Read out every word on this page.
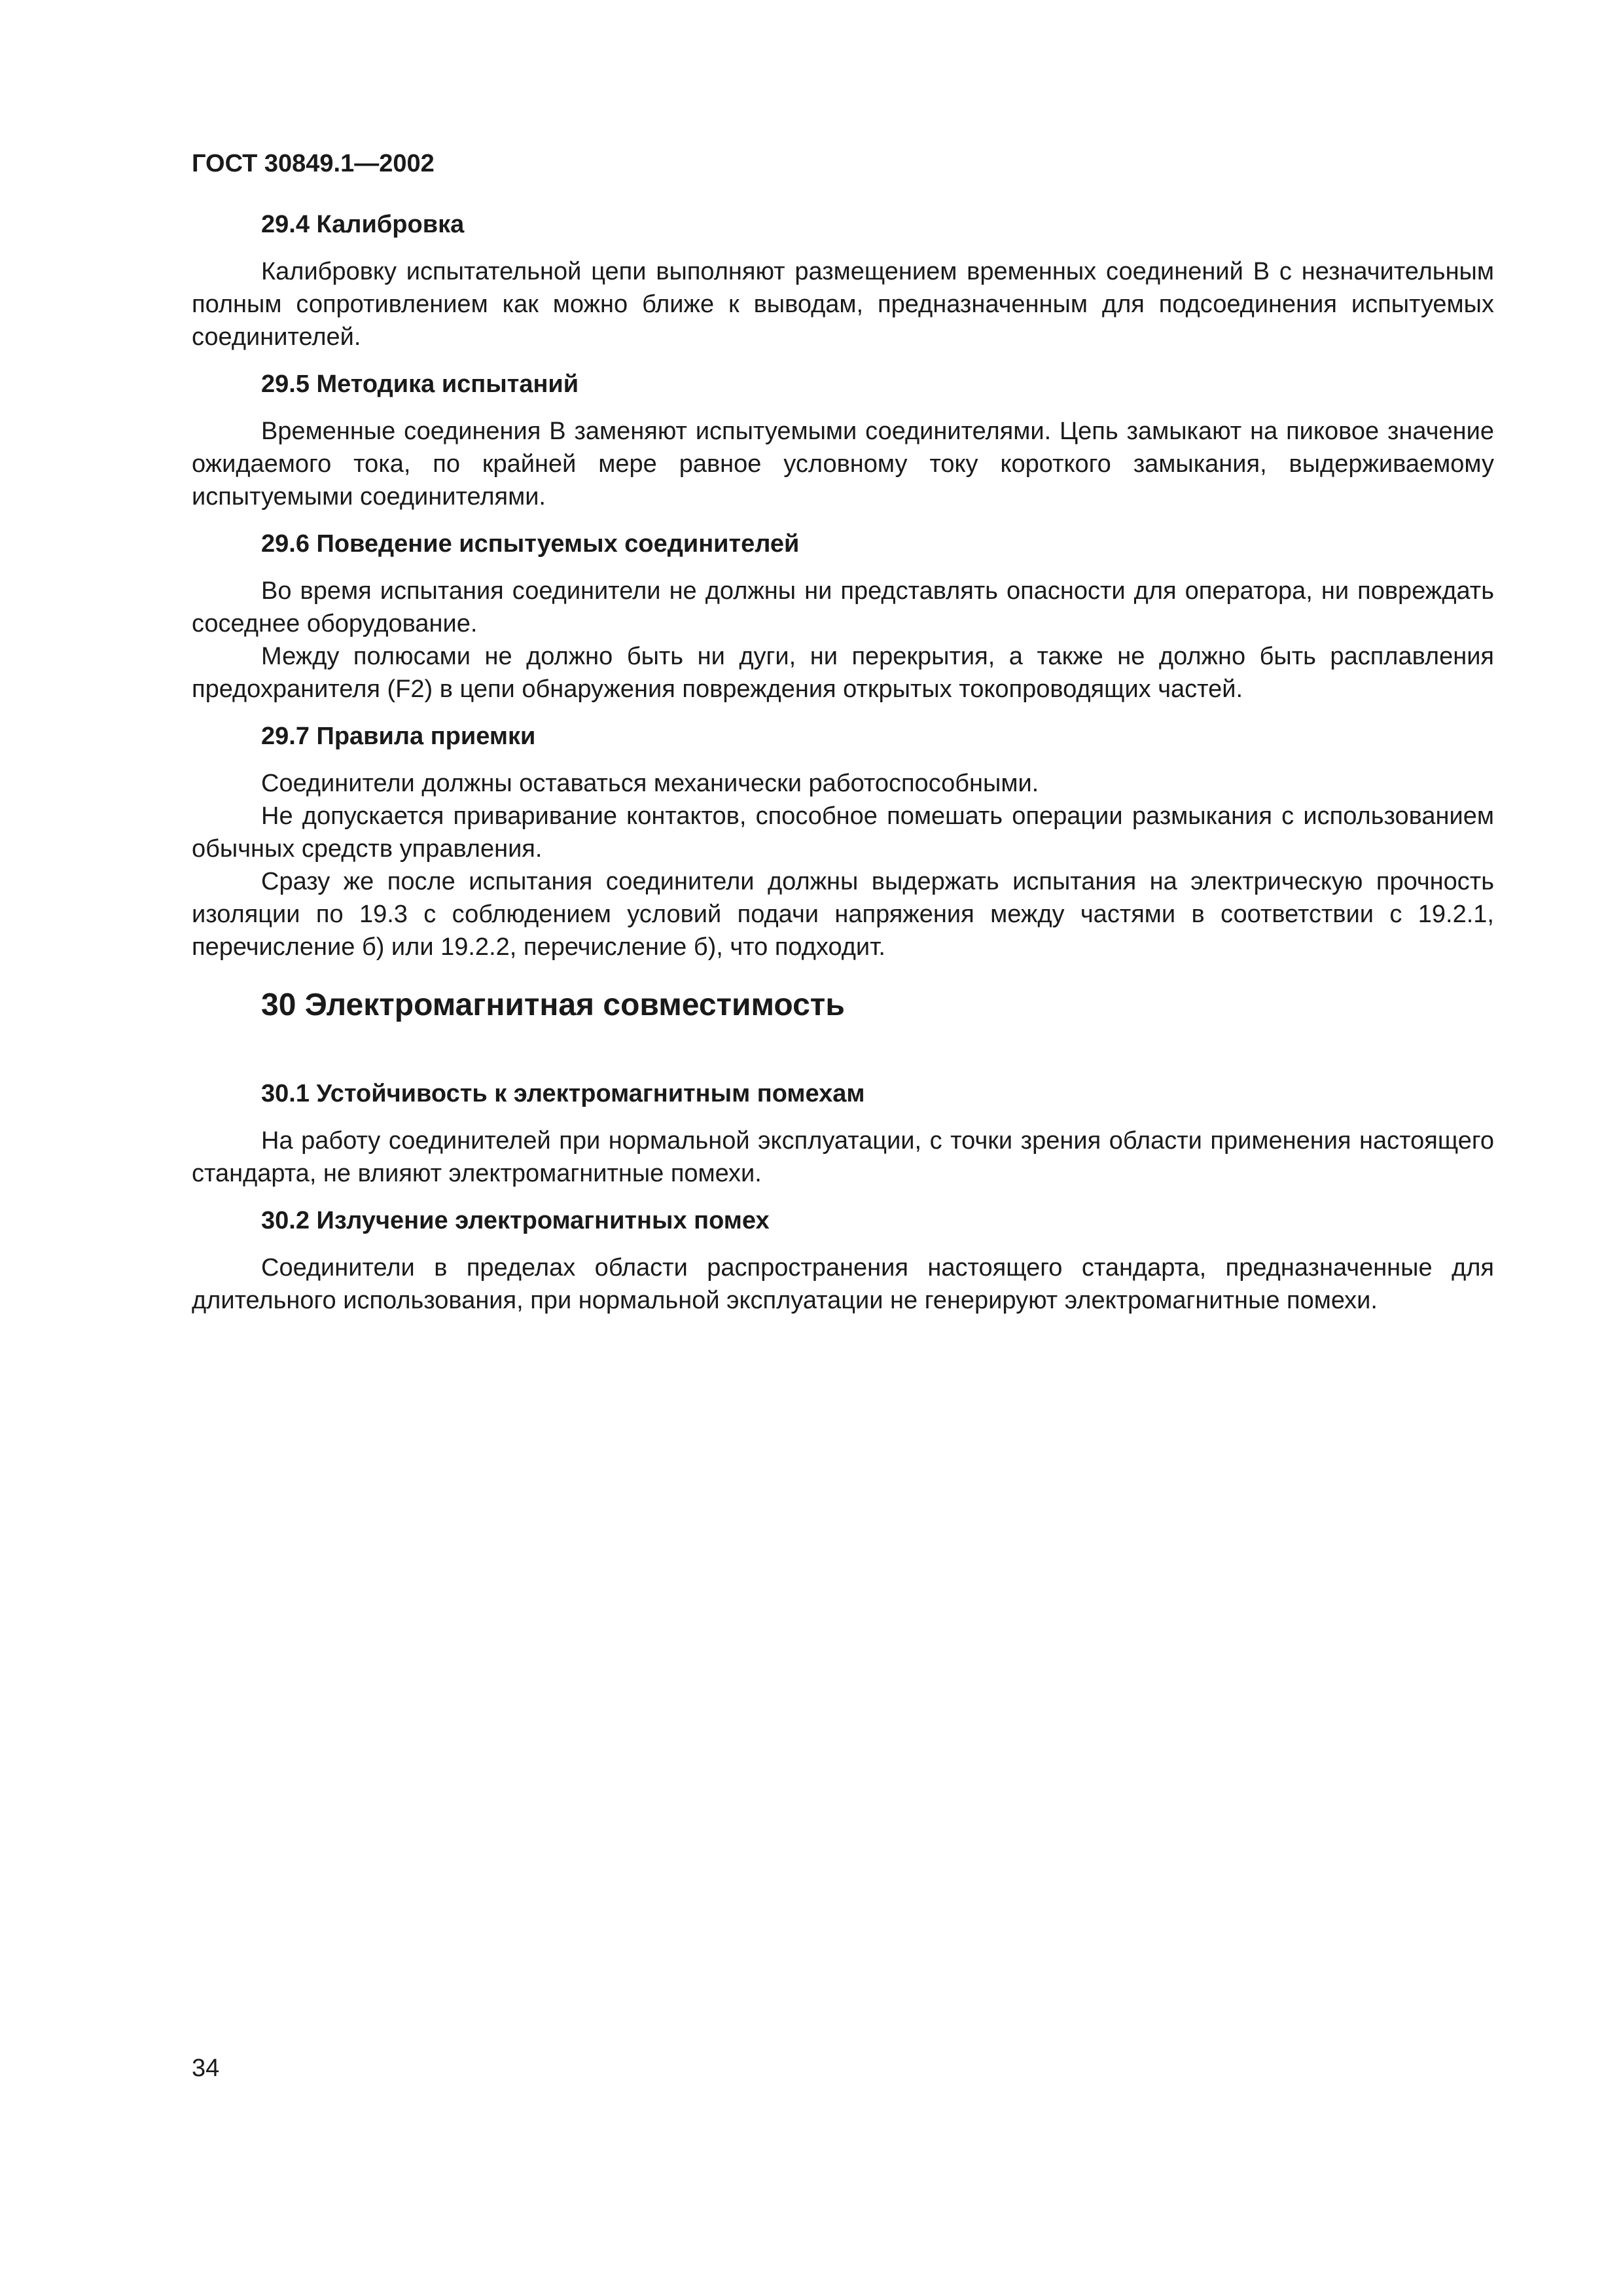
ГОСТ 30849.1—2002
29.4 Калибровка

Калибровку испытательной цепи выполняют размещением временных соединений В с незначительным полным сопротивлением как можно ближе к выводам, предназначенным для подсоединения испытуемых соединителей.

29.5 Методика испытаний

Временные соединения В заменяют испытуемыми соединителями. Цепь замыкают на пиковое значение ожидаемого тока, по крайней мере равное условному току короткого замыкания, выдерживаемому испытуемыми соединителями.

29.6 Поведение испытуемых соединителей

Во время испытания соединители не должны ни представлять опасности для оператора, ни повреждать соседнее оборудование.

Между полюсами не должно быть ни дуги, ни перекрытия, а также не должно быть расплавления предохранителя (F2) в цепи обнаружения повреждения открытых токопроводящих частей.

29.7 Правила приемки

Соединители должны оставаться механически работоспособными.

Не допускается приваривание контактов, способное помешать операции размыкания с использованием обычных средств управления.

Сразу же после испытания соединители должны выдержать испытания на электрическую прочность изоляции по 19.3 с соблюдением условий подачи напряжения между частями в соответствии с 19.2.1, перечисление б) или 19.2.2, перечисление б), что подходит.

30 Электромагнитная совместимость
30.1 Устойчивость к электромагнитным помехам

На работу соединителей при нормальной эксплуатации, с точки зрения области применения настоящего стандарта, не влияют электромагнитные помехи.

30.2 Излучение электромагнитных помех

Соединители в пределах области распространения настоящего стандарта, предназначенные для длительного использования, при нормальной эксплуатации не генерируют электромагнитные помехи.

34
